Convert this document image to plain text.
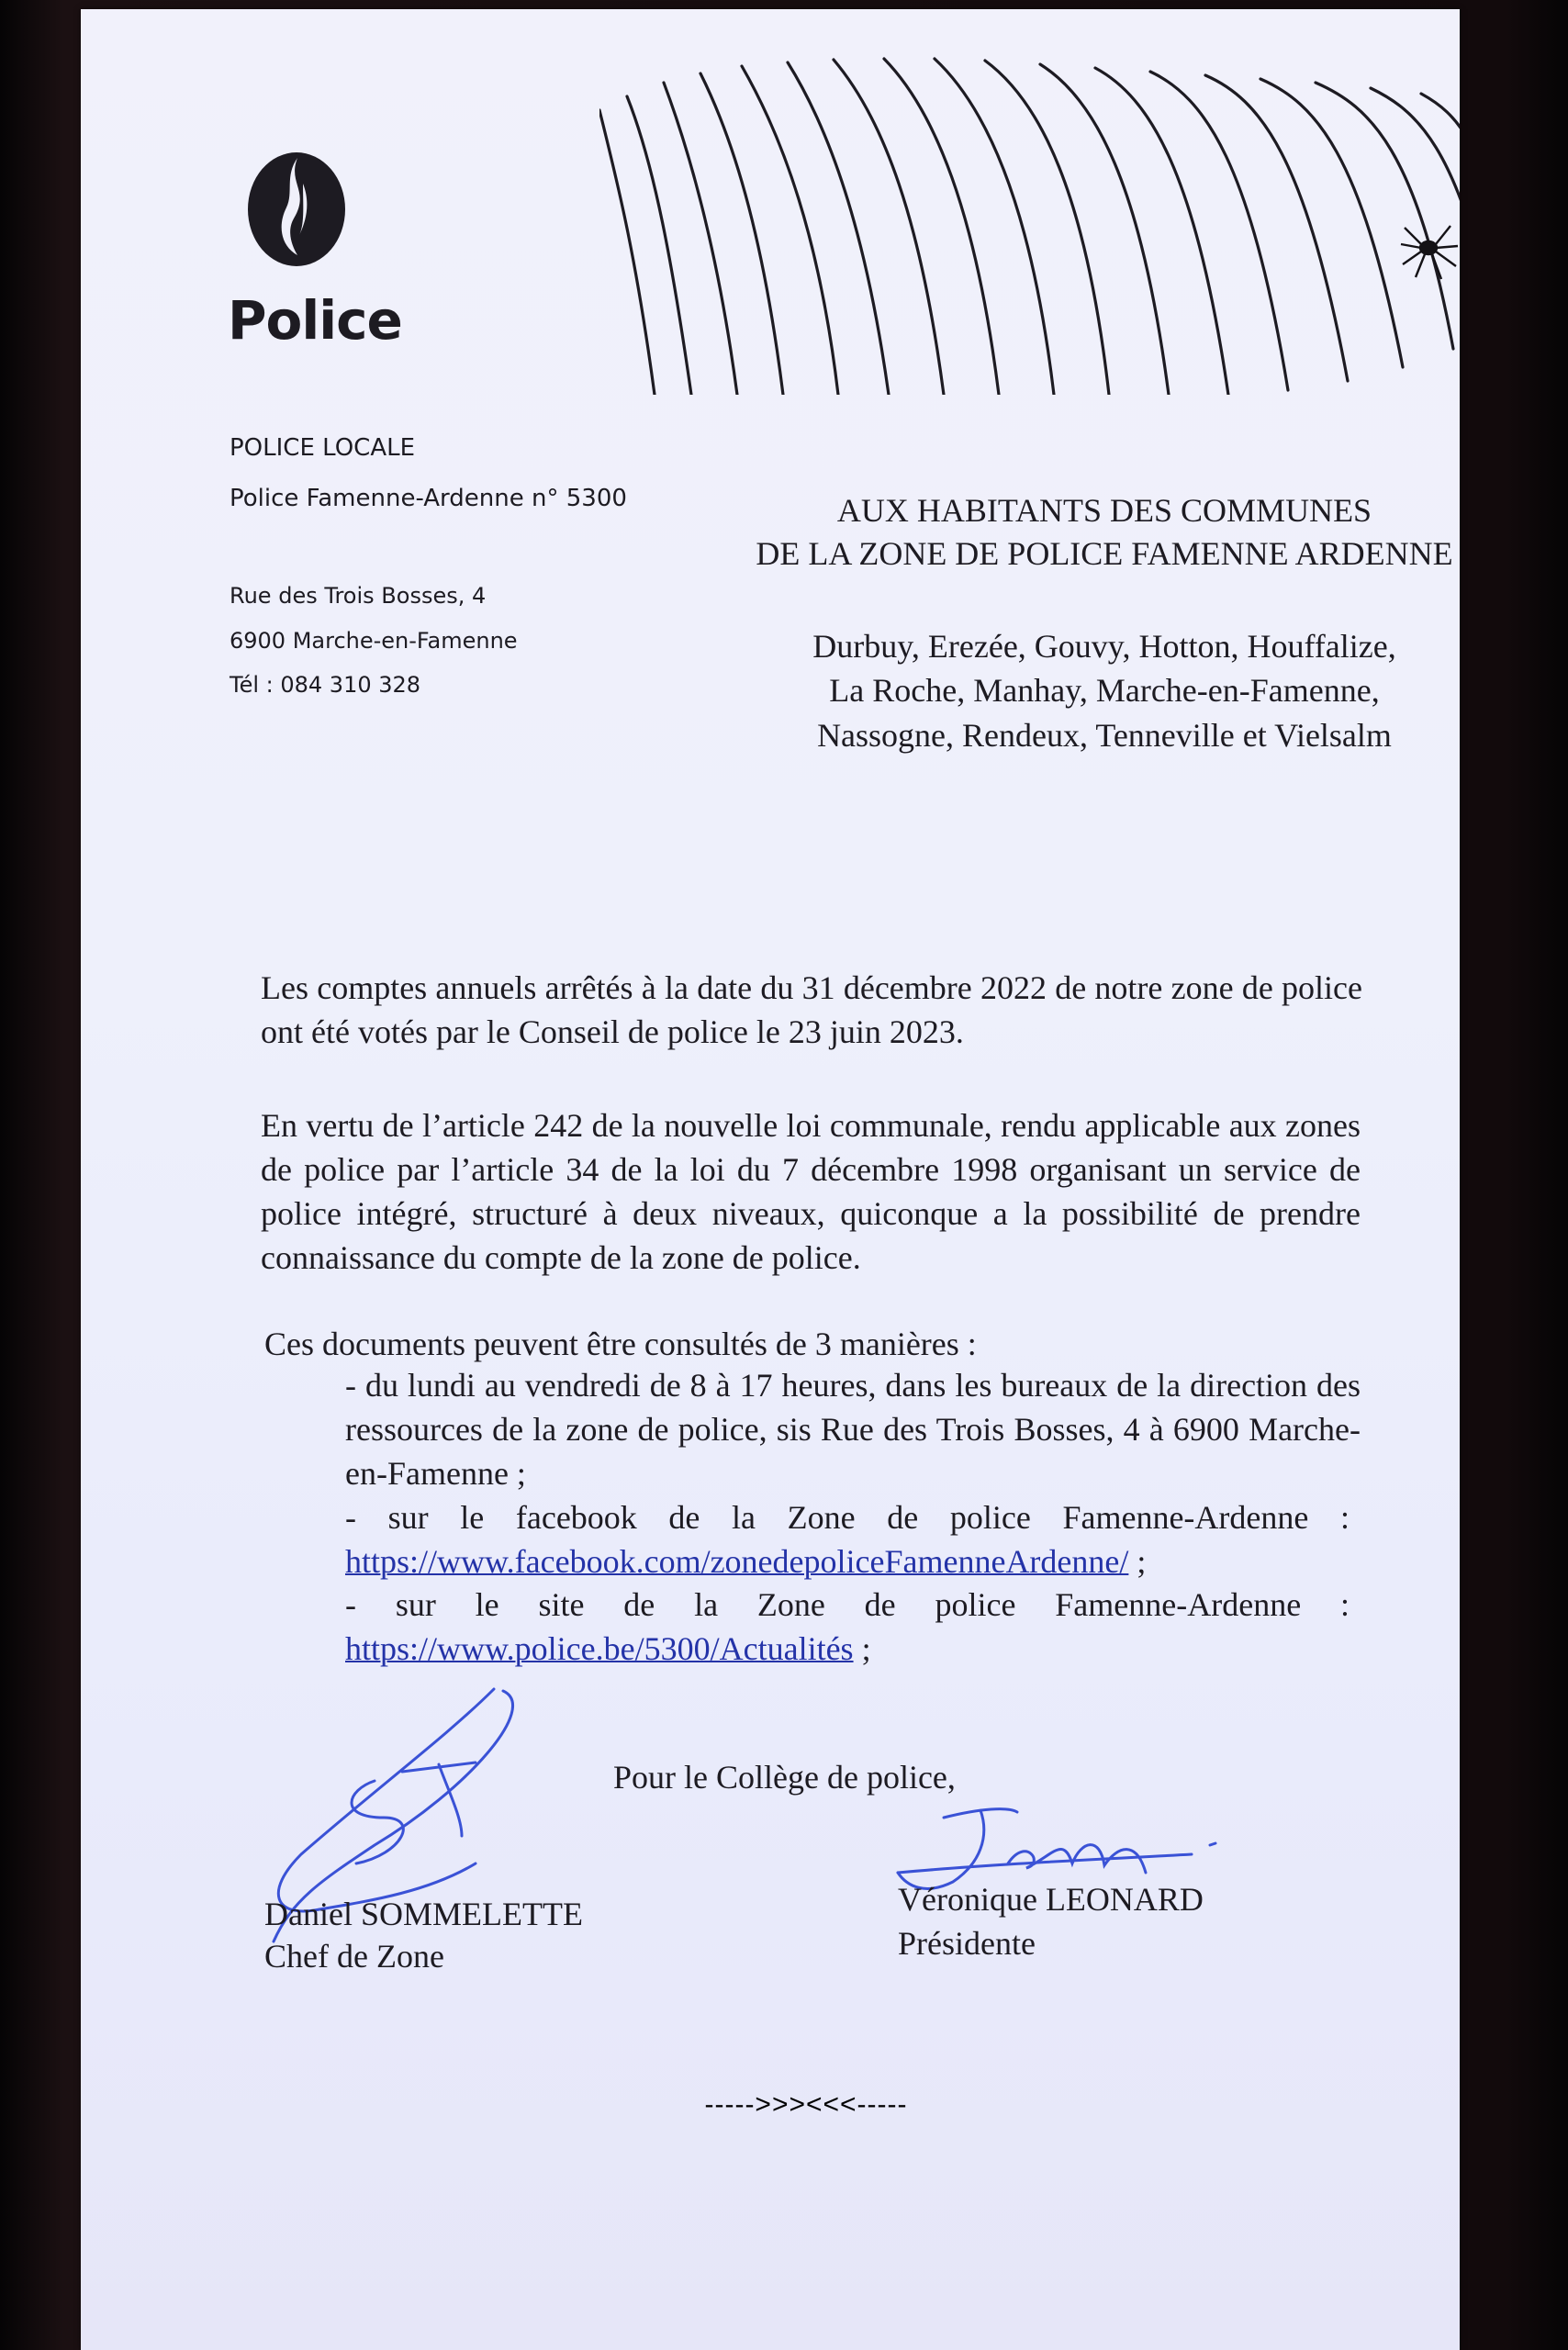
Police
POLICE LOCALE
Police Famenne-Ardenne n° 5300
Rue des Trois Bosses, 4
6900 Marche-en-Famenne
Tél : 084 310 328
AUX HABITANTS DES COMMUNES
DE LA ZONE DE POLICE FAMENNE ARDENNE
Durbuy, Erezée, Gouvy, Hotton, Houffalize,
La Roche, Manhay, Marche-en-Famenne,
Nassogne, Rendeux, Tenneville et Vielsalm
Les comptes annuels arrêtés à la date du 31 décembre 2022 de notre zone de police
ont été votés par le Conseil de police le 23 juin 2023.
En vertu de l’article 242 de la nouvelle loi communale, rendu applicable aux zones
de police par l’article 34 de la loi du 7 décembre 1998 organisant un service de
police intégré, structuré à deux niveaux, quiconque a la possibilité de prendre
connaissance du compte de la zone de police.
Ces documents peuvent être consultés de 3 manières :
- du lundi au vendredi de 8 à 17 heures, dans les bureaux de la direction des
ressources de la zone de police, sis Rue des Trois Bosses, 4 à 6900 Marche-
en-Famenne ;
- sur le facebook de la Zone de police Famenne-Ardenne :
https://www.facebook.com/zonedepoliceFamenneArdenne/ ;
- sur le site de la Zone de police Famenne-Ardenne :
https://www.police.be/5300/Actualités ;
Pour le Collège de police,
Daniel SOMMELETTE
Chef de Zone
Véronique LEONARD
Présidente
----->>><<<-----
